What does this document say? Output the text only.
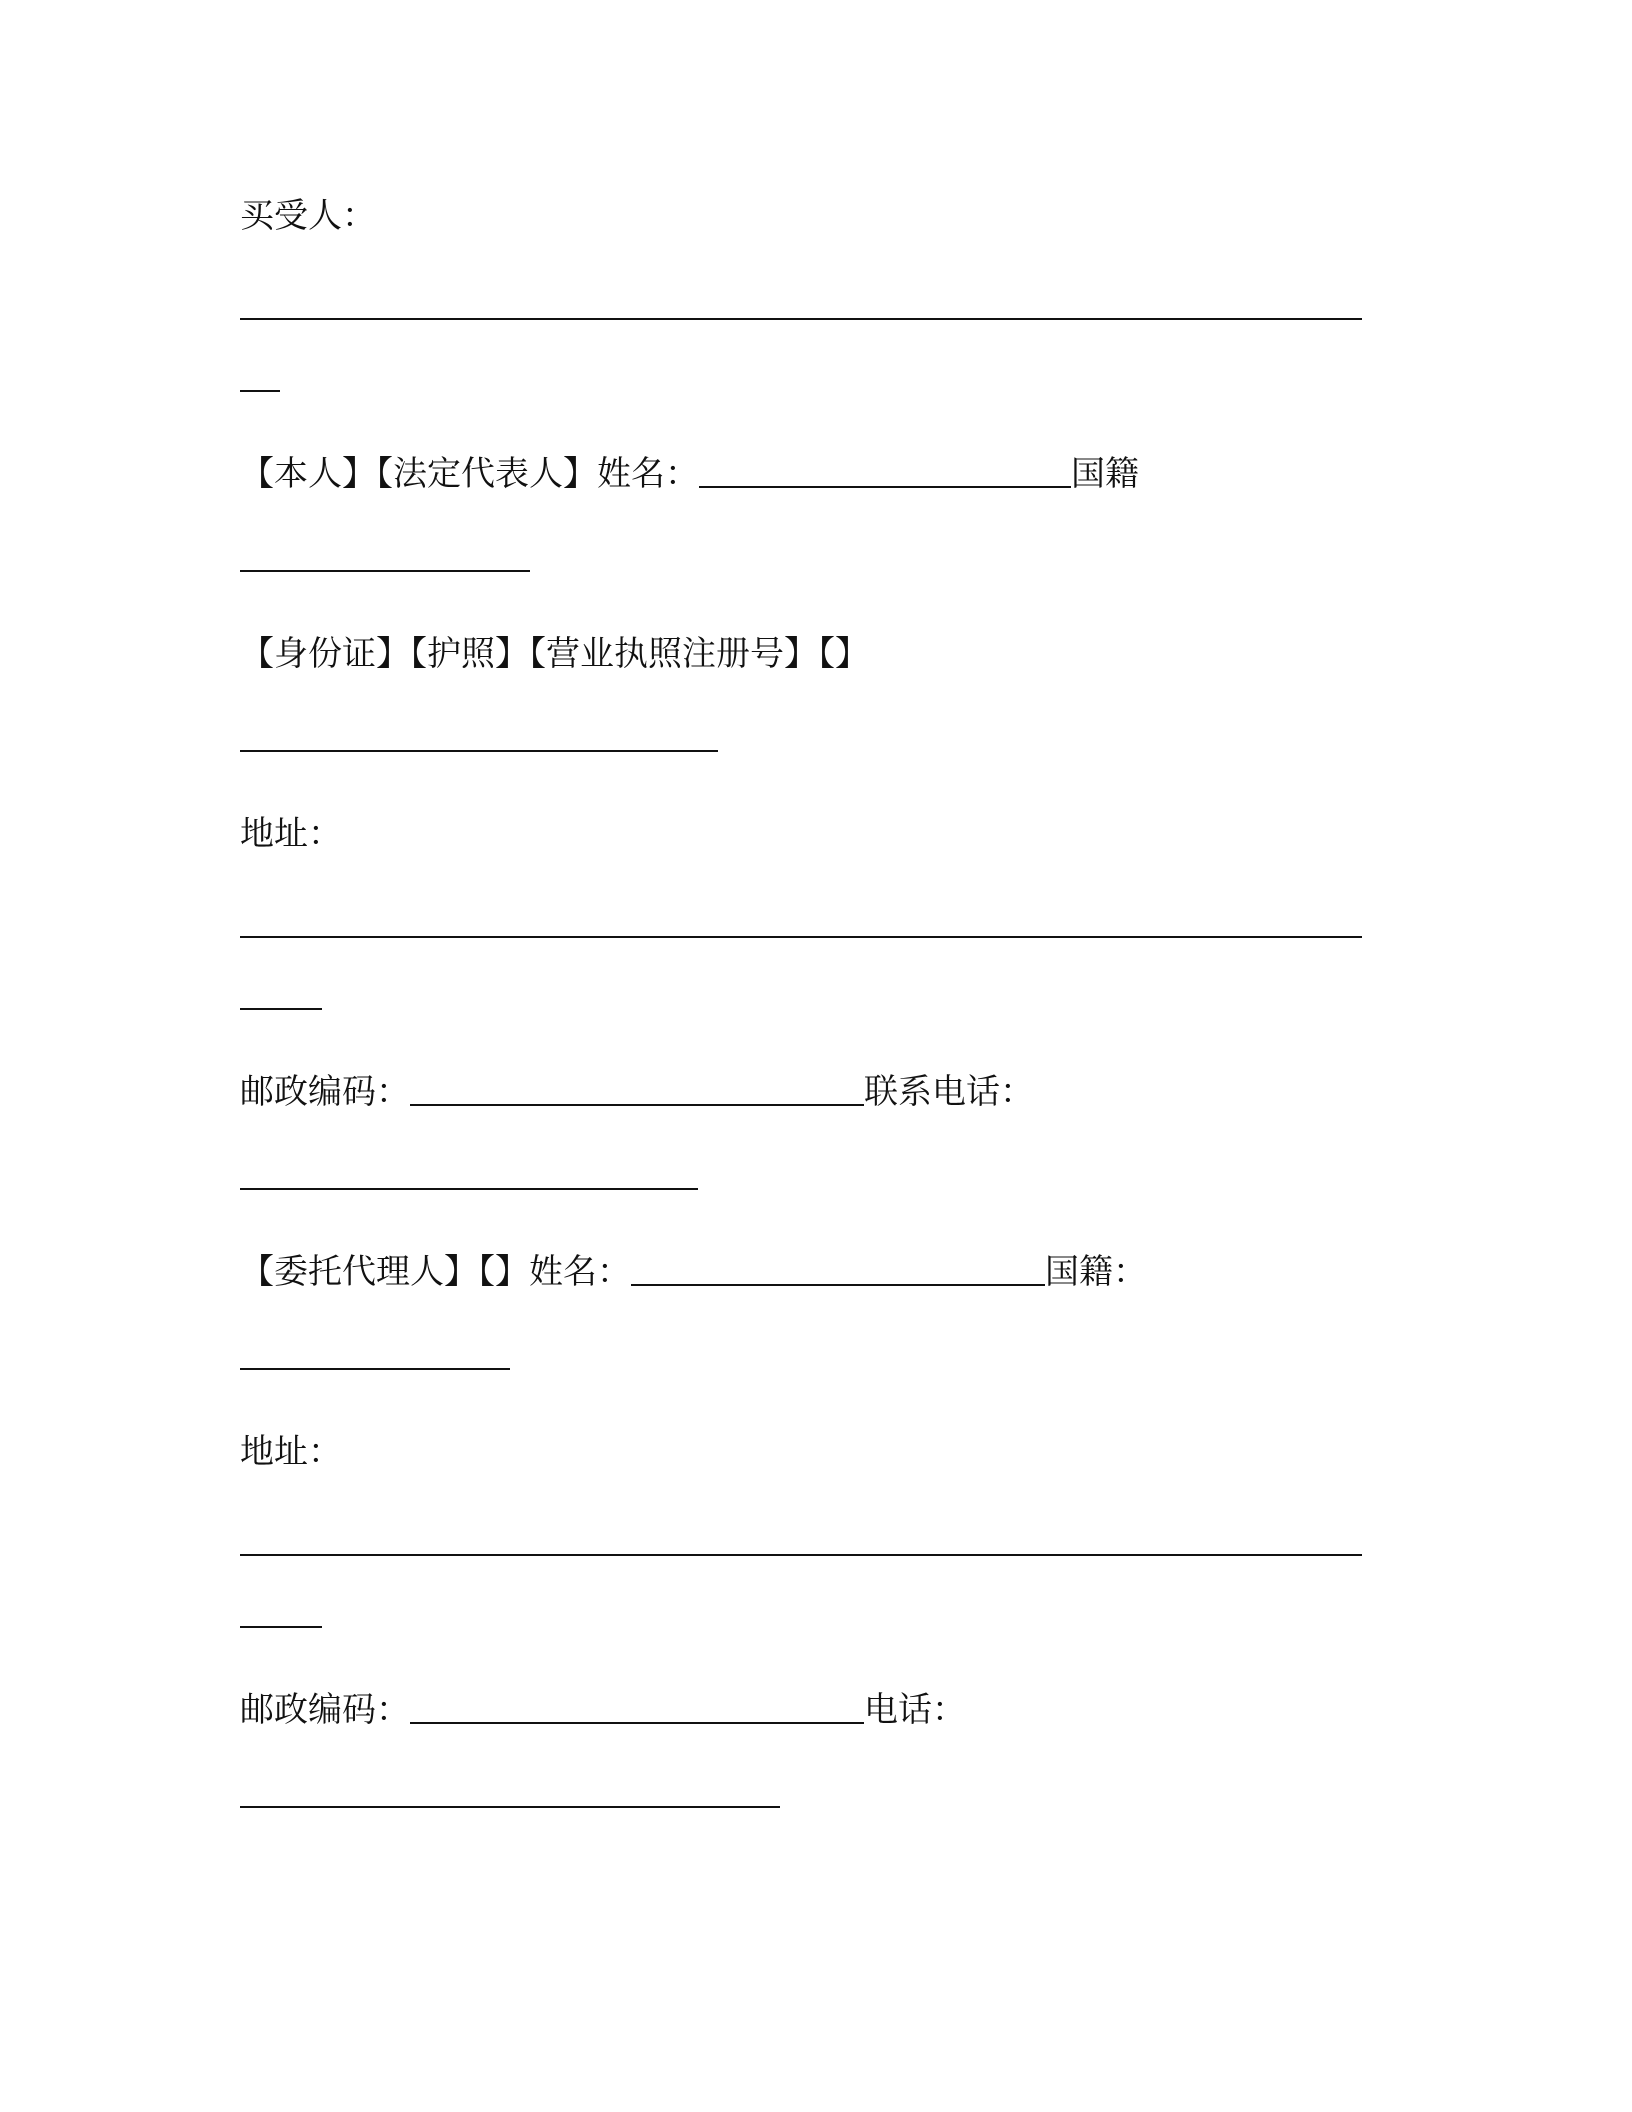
买受人：
【本人】【法定代表人】姓名：	国籍
【身份证】【护照】【营业执照注册号】【】
地址：
邮政编码：	联系电话：
【委托代理人】【】姓名：	国籍：
地址：
邮政编码：	电话：
